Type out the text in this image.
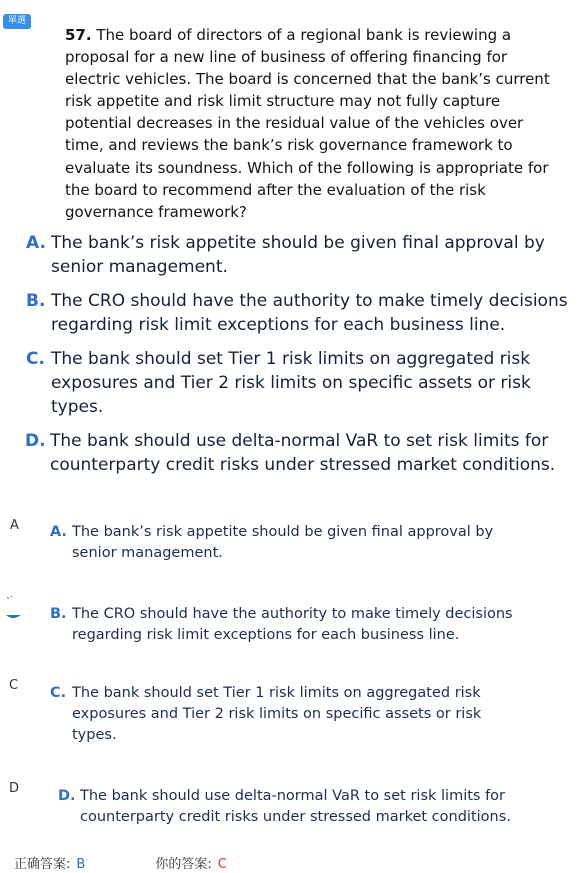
單選
57. The board of directors of a regional bank is reviewing a proposal for a new line of business of offering financing for electric vehicles. The board is concerned that the bank’s current risk appetite and risk limit structure may not fully capture potential decreases in the residual value of the vehicles over time, and reviews the bank’s risk governance framework to evaluate its soundness. Which of the following is appropriate for the board to recommend after the evaluation of the risk governance framework?
A. The bank’s risk appetite should be given final approval by senior management.
B. The CRO should have the authority to make timely decisions regarding risk limit exceptions for each business line.
C. The bank should set Tier 1 risk limits on aggregated risk exposures and Tier 2 risk limits on specific assets or risk types.
D. The bank should use delta-normal VaR to set risk limits for counterparty credit risks under stressed market conditions.
A A. The bank’s risk appetite should be given final approval by senior management.
B. The CRO should have the authority to make timely decisions regarding risk limit exceptions for each business line.
C C. The bank should set Tier 1 risk limits on aggregated risk exposures and Tier 2 risk limits on specific assets or risk types.
D	D. The bank should use delta-normal VaR to set risk limits for counterparty credit risks under stressed market conditions.
正确答案: B	你的答案: C
